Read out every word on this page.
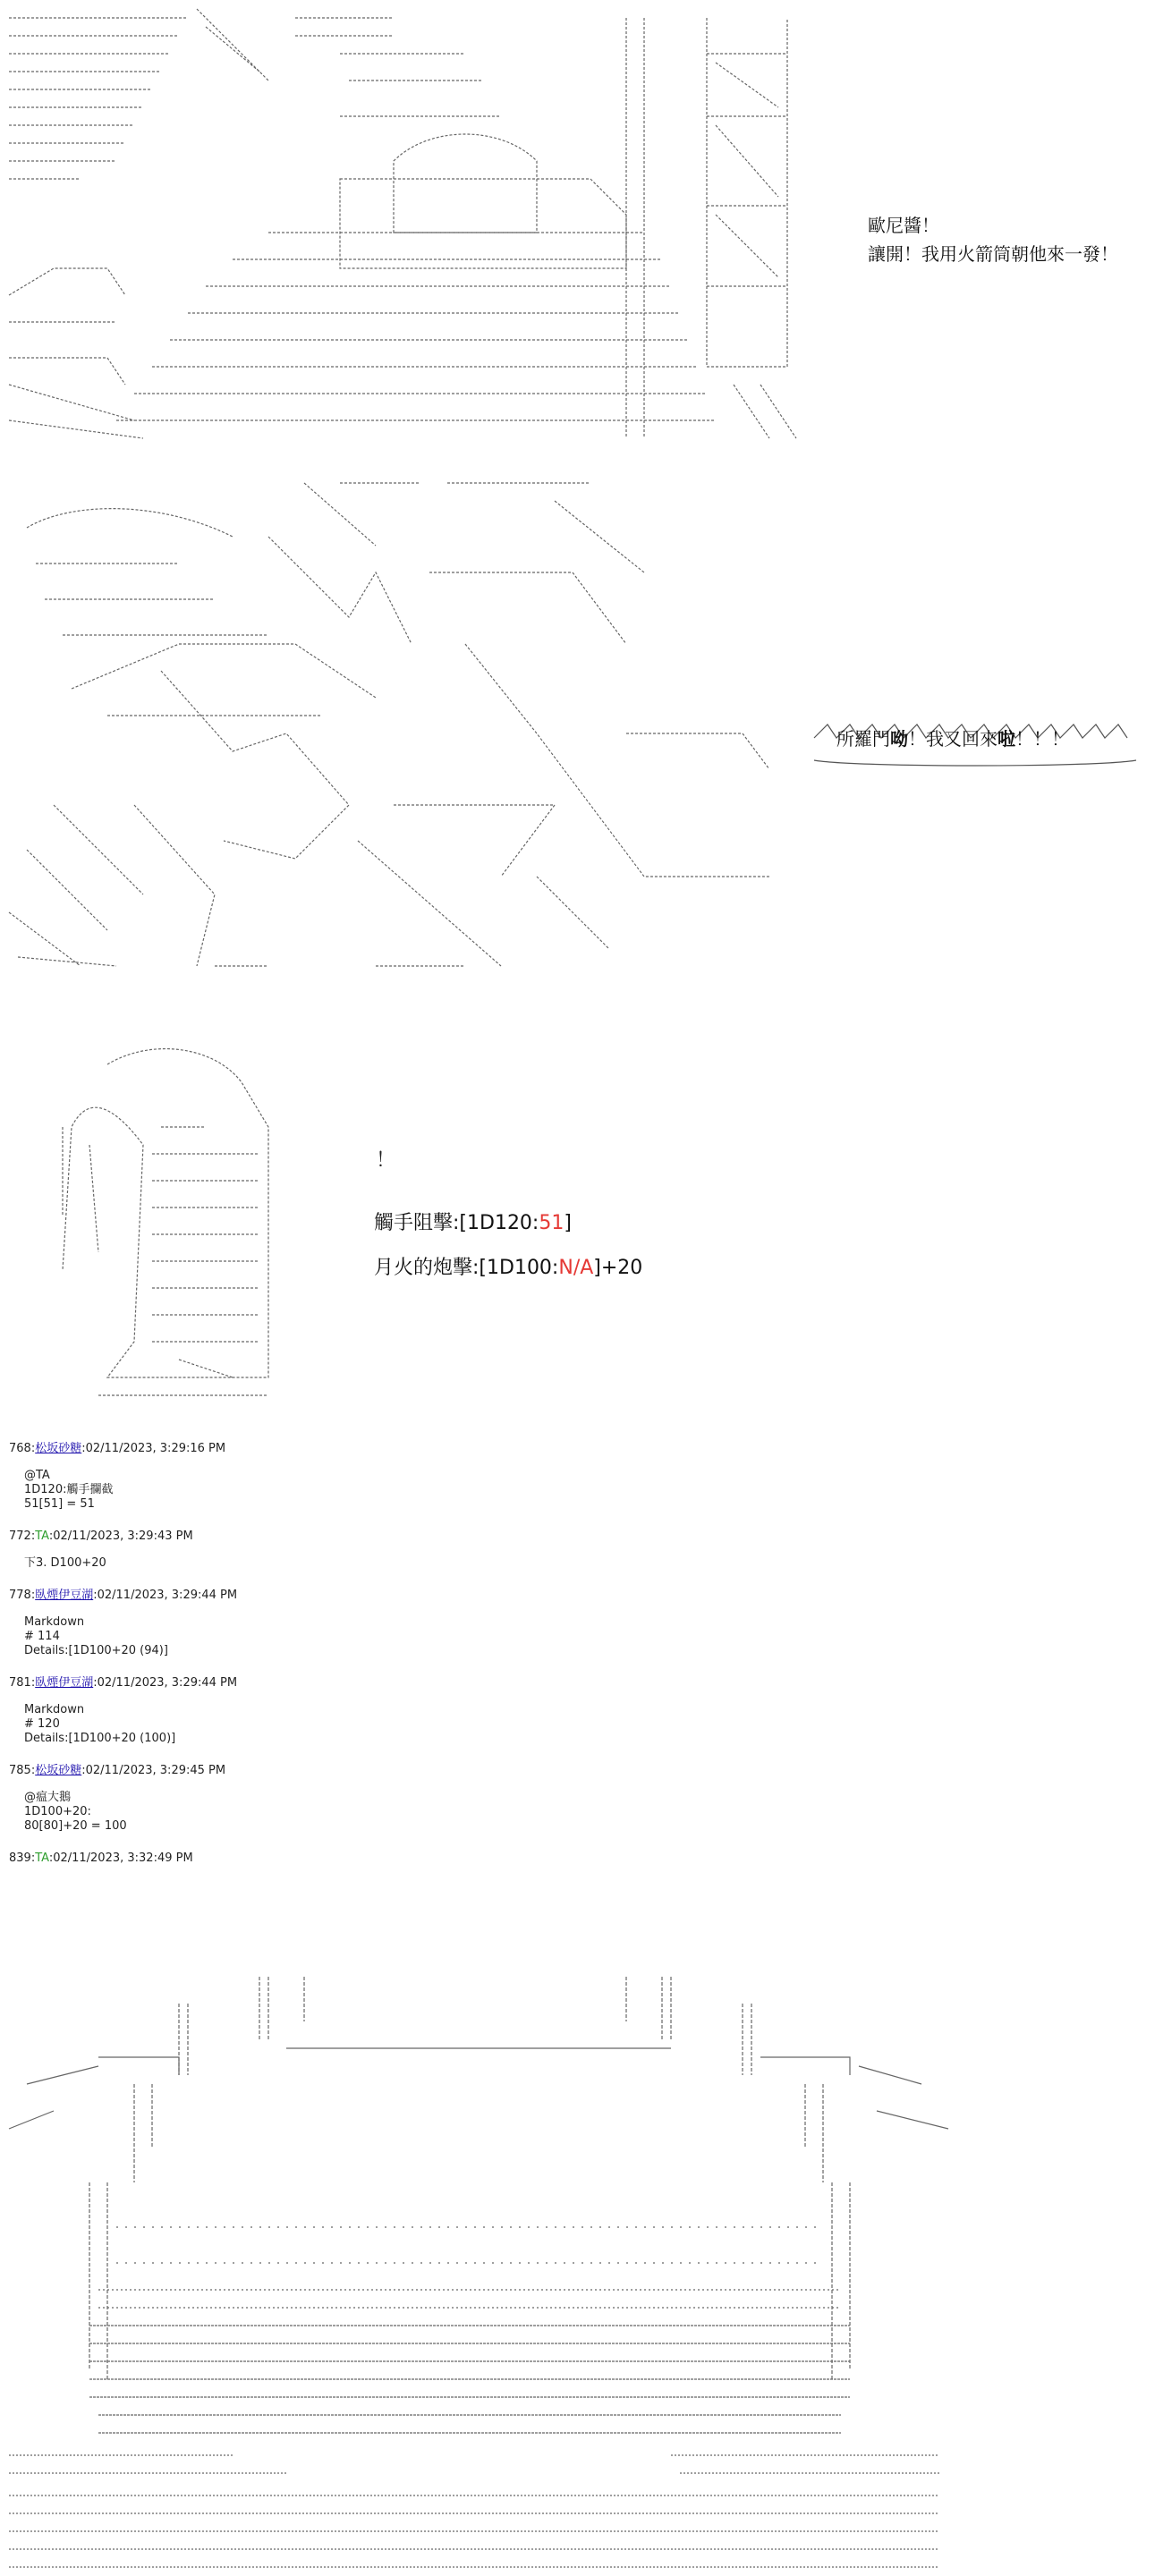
歐尼醬！
讓開！我用火箭筒朝他來一發！
所羅門呦！我又回來啦！！！
！
觸手阻擊:[1D120:51]
月火的炮擊:[1D100:N/A]+20
768:松坂砂糖:02/11/2023, 3:29:16 PM
@TA
1D120:觸手攔截
51[51] = 51
772:TA:02/11/2023, 3:29:43 PM
下3. D100+20
778:臥煙伊豆湖:02/11/2023, 3:29:44 PM
Markdown
# 114
Details:[1D100+20 (94)]
781:臥煙伊豆湖:02/11/2023, 3:29:44 PM
Markdown
# 120
Details:[1D100+20 (100)]
785:松坂砂糖:02/11/2023, 3:29:45 PM
@瘟大鵝
1D100+20:
80[80]+20 = 100
839:TA:02/11/2023, 3:32:49 PM
